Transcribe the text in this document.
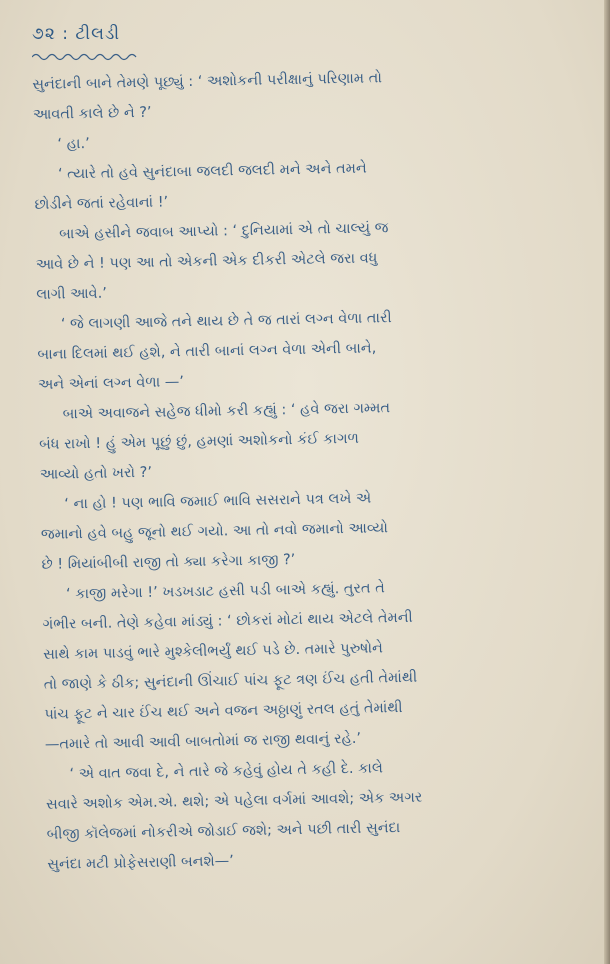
૭૨ : ટીલડી
સુનંદાની બાને તેમણે પૂછ્યું : ‘ અશોકની પરીક્ષાનું પરિણામ તો
આવતી કાલે છે ને ?’
‘ હા.’
‘ ત્યારે તો હવે સુનંદાબા જલદી જલદી મને અને તમને
છોડીને જતાં રહેવાનાં !’
બાએ હસીને જવાબ આપ્યો : ‘ દુનિયામાં એ તો ચાલ્યું જ
આવે છે ને ! પણ આ તો એકની એક દીકરી એટલે જરા વધુ
લાગી આવે.’
‘ જે લાગણી આજે તને થાય છે તે જ તારાં લગ્ન વેળા તારી
બાના દિલમાં થઈ હશે, ને તારી બાનાં લગ્ન વેળા એની બાને,
અને એનાં લગ્ન વેળા —’
બાએ અવાજને સહેજ ધીમો કરી કહ્યું : ‘ હવે જરા ગમ્મત
બંધ રાખો ! હું એમ પૂછું છું, હમણાં અશોકનો કંઈ કાગળ
આવ્યો હતો ખરો ?’
‘ ના હો ! પણ ભાવિ જમાઈ ભાવિ સસરાને પત્ર લખે એ
જમાનો હવે બહુ જૂનો થઈ ગયો. આ તો નવો જમાનો આવ્યો
છે ! મિયાંબીબી રાજી તો ક્યા કરેગા કાજી ?’
‘ કાજી મરેગા !’ ખડખડાટ હસી પડી બાએ કહ્યું. તુરત તે
ગંભીર બની. તેણે કહેવા માંડ્યું : ‘ છોકરાં મોટાં થાય એટલે તેમની
સાથે કામ પાડવું ભારે મુશ્કેલીભર્યું થઈ પડે છે. તમારે પુરુષોને
તો જાણે કે ઠીક; સુનંદાની ઊંચાઈ પાંચ ફૂટ ત્રણ ઈંચ હતી તેમાંથી
પાંચ ફૂટ ને ચાર ઈંચ થઈ અને વજન અઠ્ઠાણું રતલ હતું તેમાંથી
—તમારે તો આવી આવી બાબતોમાં જ રાજી થવાનું રહે.’
‘ એ વાત જવા દે, ને તારે જે કહેવું હોય તે કહી દે. કાલે
સવારે અશોક એમ.એ. થશે; એ પહેલા વર્ગમાં આવશે; એક અગર
બીજી કૉલેજમાં નોકરીએ જોડાઈ જશે; અને પછી તારી સુનંદા
સુનંદા મટી પ્રોફેસરાણી બનશે—’
